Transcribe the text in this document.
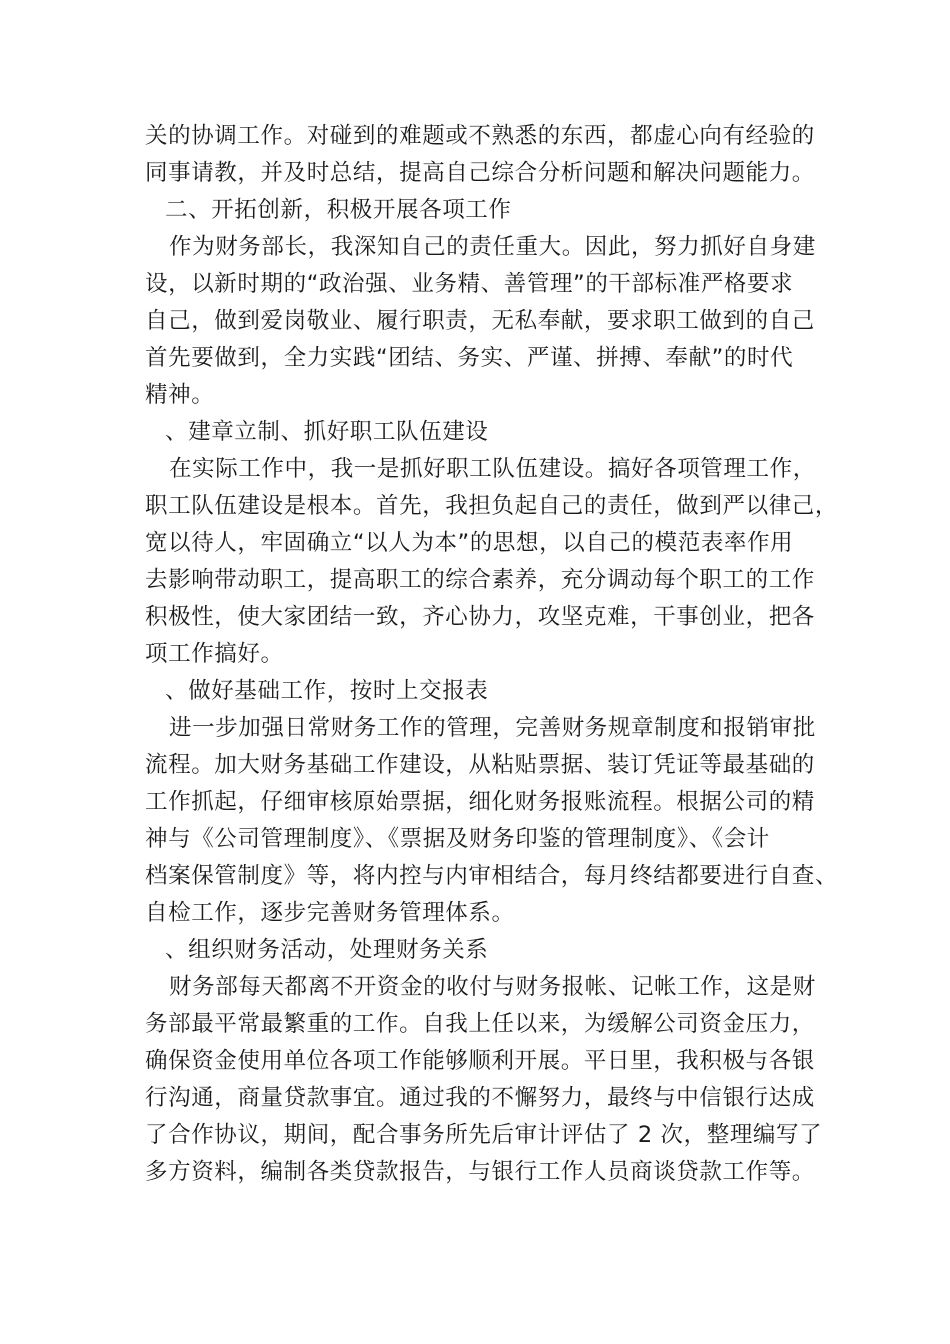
关的协调工作。对碰到的难题或不熟悉的东西，都虚心向有经验的
同事请教，并及时总结，提高自己综合分析问题和解决问题能力。
二、开拓创新，积极开展各项工作
作为财务部长，我深知自己的责任重大。因此，努力抓好自身建
设，以新时期的“政治强、业务精、善管理”的干部标准严格要求
自己，做到爱岗敬业、履行职责，无私奉献，要求职工做到的自己
首先要做到，全力实践“团结、务实、严谨、拼搏、奉献”的时代
精神。
、建章立制、抓好职工队伍建设
在实际工作中，我一是抓好职工队伍建设。搞好各项管理工作，
职工队伍建设是根本。首先，我担负起自己的责任，做到严以律己，
宽以待人，牢固确立“以人为本”的思想，以自己的模范表率作用
去影响带动职工，提高职工的综合素养，充分调动每个职工的工作
积极性，使大家团结一致，齐心协力，攻坚克难，干事创业，把各
项工作搞好。
、做好基础工作，按时上交报表
进一步加强日常财务工作的管理，完善财务规章制度和报销审批
流程。加大财务基础工作建设，从粘贴票据、装订凭证等最基础的
工作抓起，仔细审核原始票据，细化财务报账流程。根据公司的精
神与《公司管理制度》、《票据及财务印鉴的管理制度》、《会计
档案保管制度》等，将内控与内审相结合，每月终结都要进行自查、
自检工作，逐步完善财务管理体系。
、组织财务活动，处理财务关系
财务部每天都离不开资金的收付与财务报帐、记帐工作，这是财
务部最平常最繁重的工作。自我上任以来，为缓解公司资金压力，
确保资金使用单位各项工作能够顺利开展。平日里，我积极与各银
行沟通，商量贷款事宜。通过我的不懈努力，最终与中信银行达成
了合作协议，期间，配合事务所先后审计评估了 2 次，整理编写了
多方资料，编制各类贷款报告，与银行工作人员商谈贷款工作等。
